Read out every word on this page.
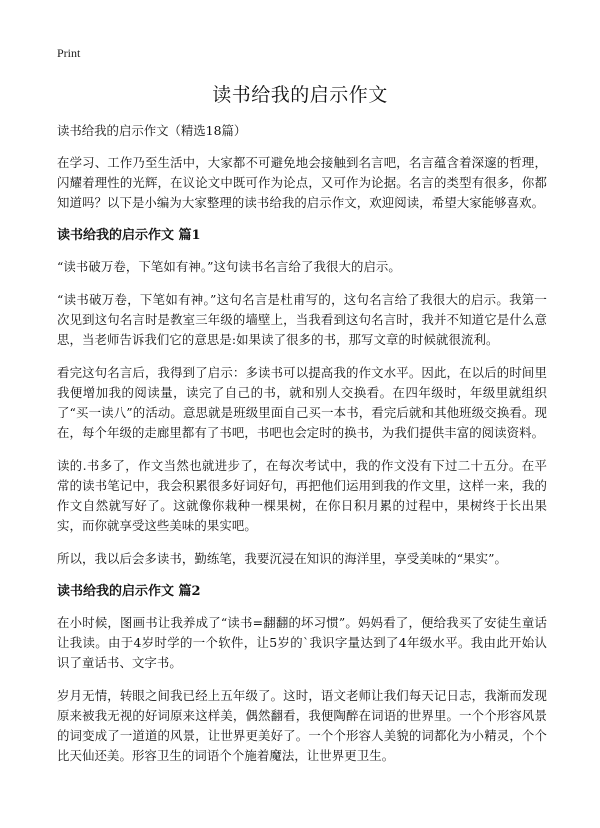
Print
读书给我的启示作文

读书给我的启示作文（精选18篇）

在学习、工作乃至生活中，大家都不可避免地会接触到名言吧，名言蕴含着深邃的哲理，闪耀着理性的光辉，在议论文中既可作为论点，又可作为论据。名言的类型有很多，你都知道吗？以下是小编为大家整理的读书给我的启示作文，欢迎阅读，希望大家能够喜欢。

读书给我的启示作文 篇1

“读书破万卷，下笔如有神。”这句读书名言给了我很大的启示。

“读书破万卷，下笔如有神。”这句名言是杜甫写的，这句名言给了我很大的启示。我第一次见到这句名言时是教室三年级的墙壁上，当我看到这句名言时，我并不知道它是什么意思，当老师告诉我们它的意思是:如果读了很多的书，那写文章的时候就很流利。

看完这句名言后，我得到了启示：多读书可以提高我的作文水平。因此，在以后的时间里我便增加我的阅读量，读完了自己的书，就和别人交换看。在四年级时，年级里就组织了“买一读八”的活动。意思就是班级里面自己买一本书，看完后就和其他班级交换看。现在，每个年级的走廊里都有了书吧，书吧也会定时的换书，为我们提供丰富的阅读资料。

读的.书多了，作文当然也就进步了，在每次考试中，我的作文没有下过二十五分。在平常的读书笔记中，我会积累很多好词好句，再把他们运用到我的作文里，这样一来，我的作文自然就写好了。这就像你栽种一棵果树，在你日积月累的过程中，果树终于长出果实，而你就享受这些美味的果实吧。

所以，我以后会多读书，勤练笔，我要沉浸在知识的海洋里，享受美味的“果实”。

读书给我的启示作文 篇2

在小时候，图画书让我养成了“读书=翻翻的坏习惯”。妈妈看了，便给我买了安徒生童话让我读。由于4岁时学的一个软件，让5岁的`我识字量达到了4年级水平。我由此开始认识了童话书、文字书。

岁月无情，转眼之间我已经上五年级了。这时，语文老师让我们每天记日志，我渐而发现原来被我无视的好词原来这样美，偶然翻看，我便陶醉在词语的世界里。一个个形容风景的词变成了一道道的风景，让世界更美好了。一个个形容人美貌的词都化为小精灵，个个比天仙还美。形容卫生的词语个个施着魔法，让世界更卫生。
